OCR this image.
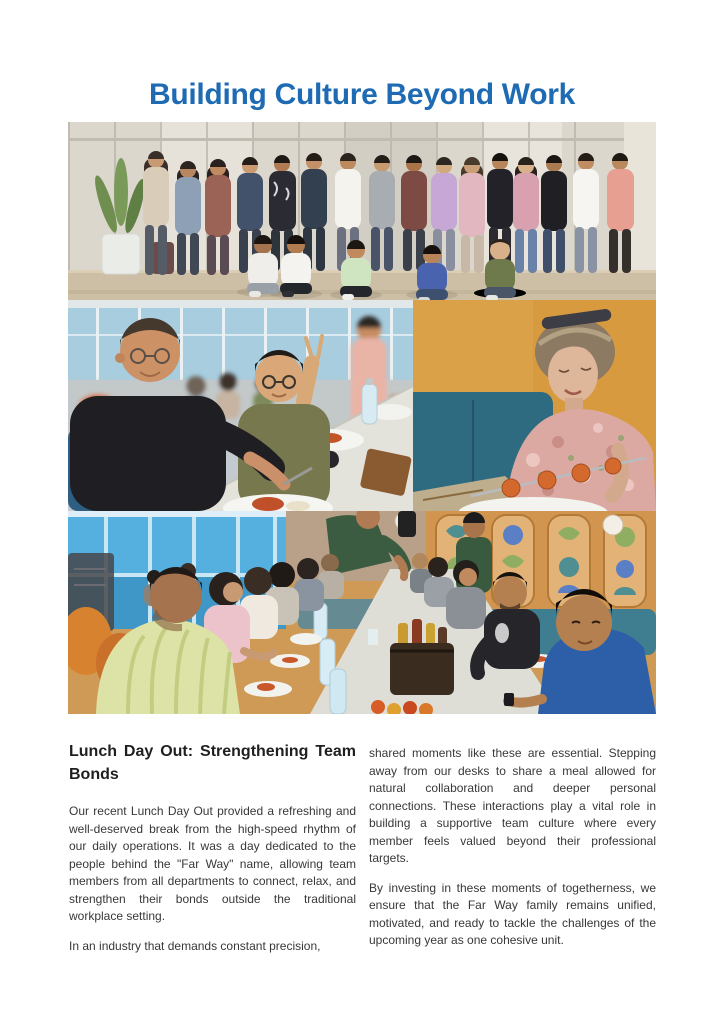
Building Culture Beyond Work
Lunch Day Out: Strengthening Team Bonds

Our recent Lunch Day Out provided a refreshing and well-deserved break from the high-speed rhythm of our daily operations. It was a day dedicated to the people behind the "Far Way" name, allowing team members from all departments to connect, relax, and strengthen their bonds outside the traditional workplace setting.

In an industry that demands constant precision,

shared moments like these are essential. Stepping away from our desks to share a meal allowed for natural collaboration and deeper personal connections. These interactions play a vital role in building a supportive team culture where every member feels valued beyond their professional targets.

By investing in these moments of togetherness, we ensure that the Far Way family remains unified, motivated, and ready to tackle the challenges of the upcoming year as one cohesive unit.
